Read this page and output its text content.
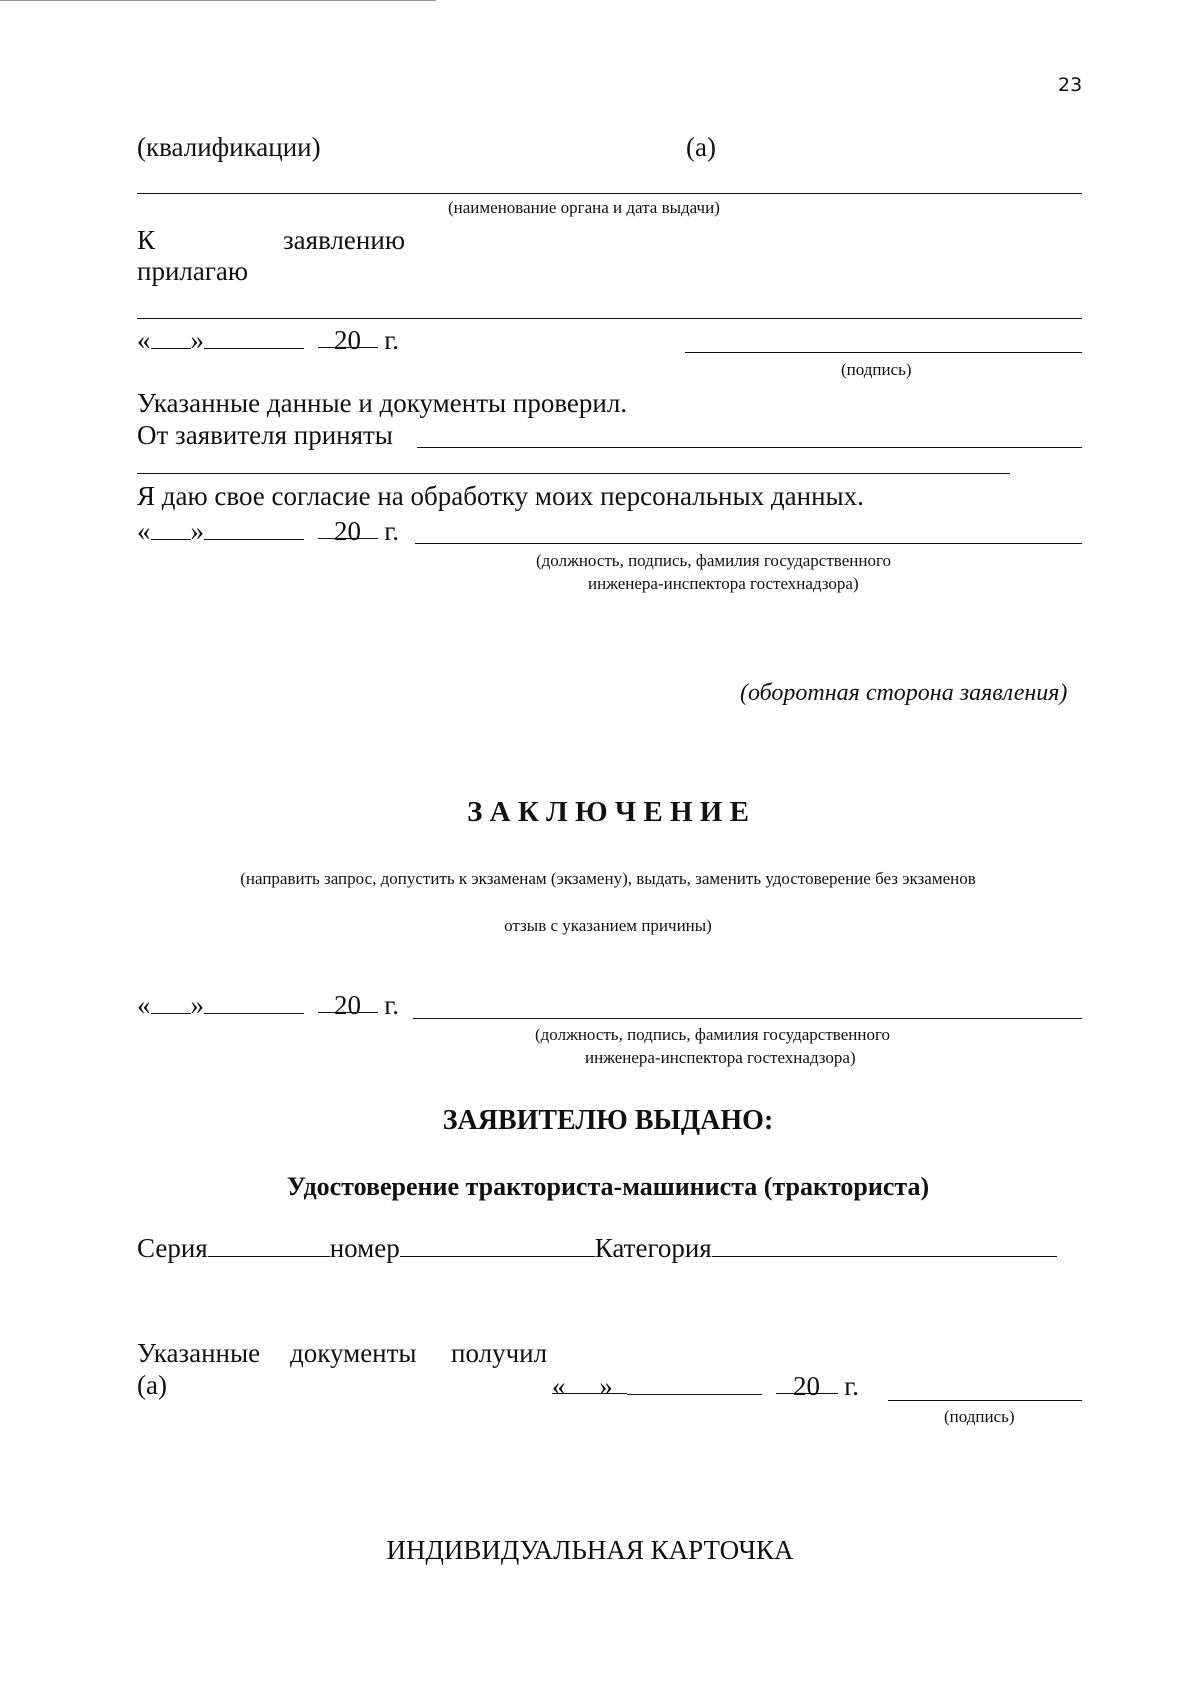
23
(квалификации)	(а)
(наименование органа и дата выдачи)
К	заявлению
прилагаю
« »	20 г.
(подпись)
Указанные данные и документы проверил.
От заявителя приняты
Я даю свое согласие на обработку моих персональных данных.
« »	20 г.
(должность, подпись, фамилия государственного
инженера-инспектора гостехнадзора)
(оборотная сторона заявления)
З А К Л Ю Ч Е Н И Е
(направить запрос, допустить к экзаменам (экзамену), выдать, заменить удостоверение без экзаменов
отзыв с указанием причины)
« »	20 г.
(должность, подпись, фамилия государственного
инженера-инспектора гостехнадзора)
ЗАЯВИТЕЛЮ ВЫДАНО:
Удостоверение тракториста-машиниста (тракториста)
Серия	номер	Категория
Указанные документы получил
(а)	« »	20 г.
(подпись)
ИНДИВИДУАЛЬНАЯ КАРТОЧКА
